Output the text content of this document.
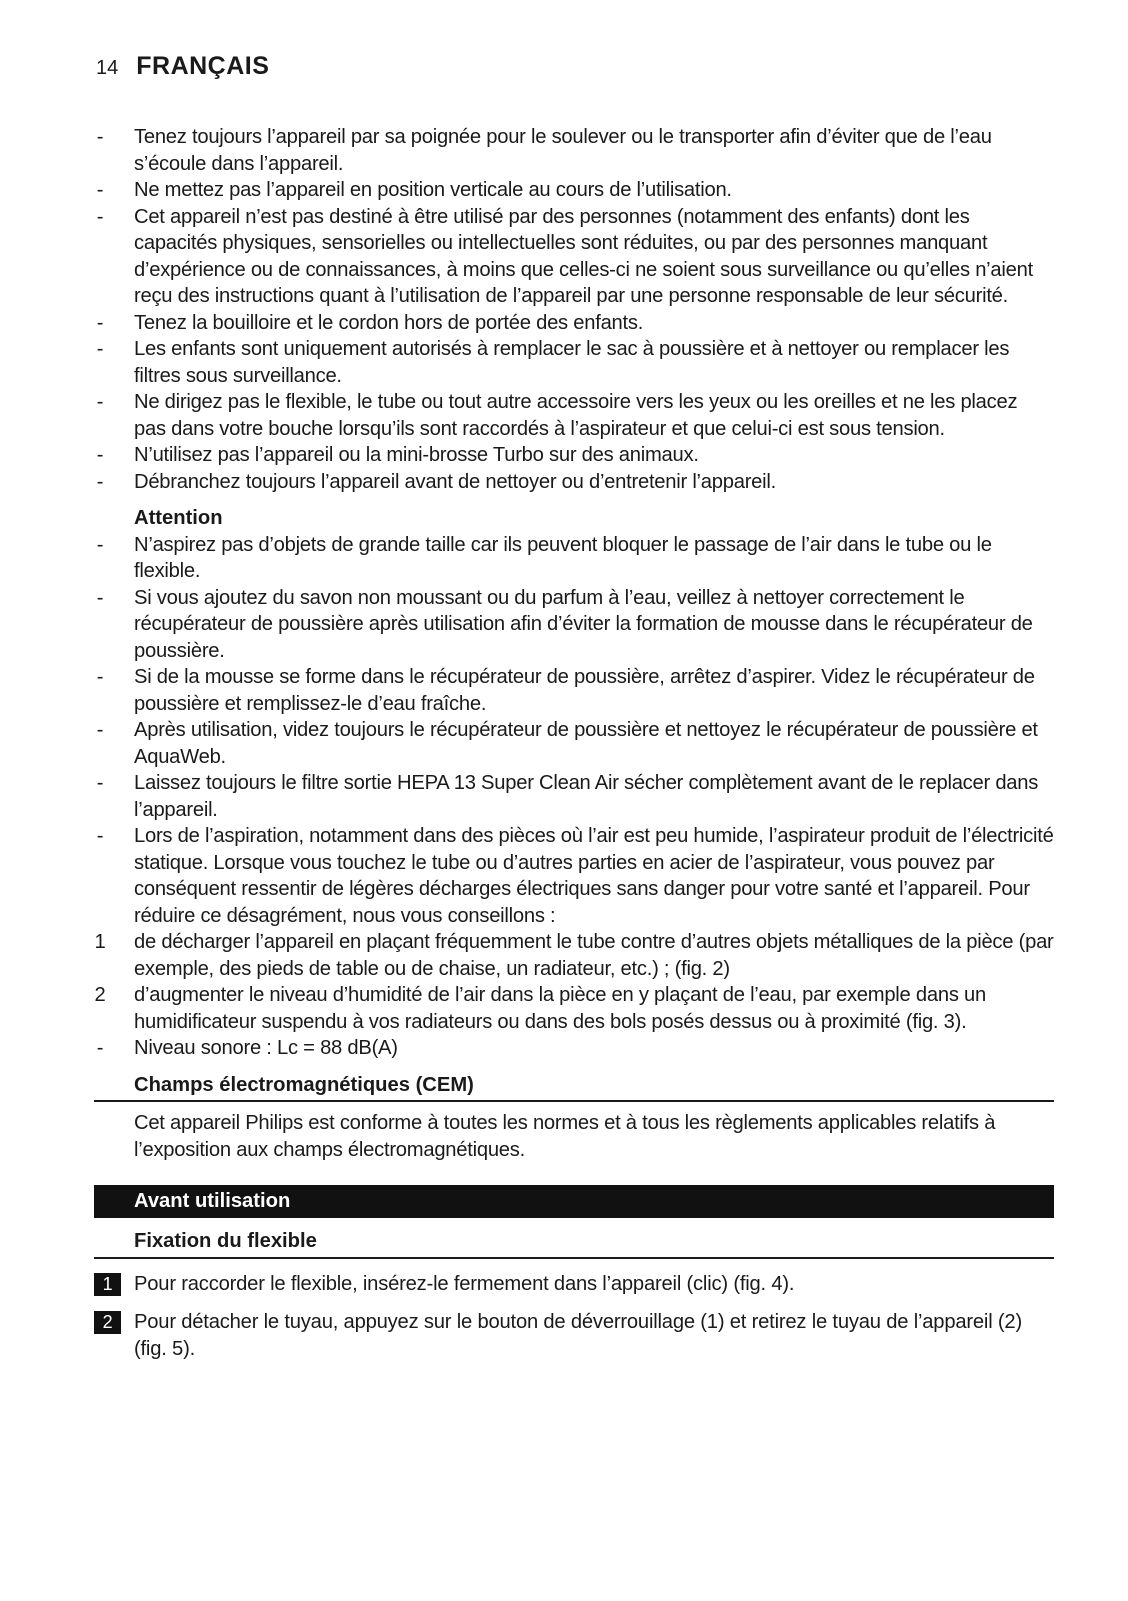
14 FRANÇAIS
- Tenez toujours l’appareil par sa poignée pour le soulever ou le transporter afin d’éviter que de l’eau s’écoule dans l’appareil.
- Ne mettez pas l’appareil en position verticale au cours de l’utilisation.
- Cet appareil n’est pas destiné à être utilisé par des personnes (notamment des enfants) dont les capacités physiques, sensorielles ou intellectuelles sont réduites, ou par des personnes manquant d’expérience ou de connaissances, à moins que celles-ci ne soient sous surveillance ou qu’elles n’aient reçu des instructions quant à l’utilisation de l’appareil par une personne responsable de leur sécurité.
- Tenez la bouilloire et le cordon hors de portée des enfants.
- Les enfants sont uniquement autorisés à remplacer le sac à poussière et à nettoyer ou remplacer les filtres sous surveillance.
- Ne dirigez pas le flexible, le tube ou tout autre accessoire vers les yeux ou les oreilles et ne les placez pas dans votre bouche lorsqu’ils sont raccordés à l’aspirateur et que celui-ci est sous tension.
- N’utilisez pas l’appareil ou la mini-brosse Turbo sur des animaux.
- Débranchez toujours l’appareil avant de nettoyer ou d’entretenir l’appareil.
Attention
- N’aspirez pas d’objets de grande taille car ils peuvent bloquer le passage de l’air dans le tube ou le flexible.
- Si vous ajoutez du savon non moussant ou du parfum à l’eau, veillez à nettoyer correctement le récupérateur de poussière après utilisation afin d’éviter la formation de mousse dans le récupérateur de poussière.
- Si de la mousse se forme dans le récupérateur de poussière, arrêtez d’aspirer. Videz le récupérateur de poussière et remplissez-le d’eau fraîche.
- Après utilisation, videz toujours le récupérateur de poussière et nettoyez le récupérateur de poussière et AquaWeb.
- Laissez toujours le filtre sortie HEPA 13 Super Clean Air sécher complètement avant de le replacer dans l’appareil.
- Lors de l’aspiration, notamment dans des pièces où l’air est peu humide, l’aspirateur produit de l’électricité statique. Lorsque vous touchez le tube ou d’autres parties en acier de l’aspirateur, vous pouvez par conséquent ressentir de légères décharges électriques sans danger pour votre santé et l’appareil. Pour réduire ce désagrément, nous vous conseillons :
1 de décharger l’appareil en plaçant fréquemment le tube contre d’autres objets métalliques de la pièce (par exemple, des pieds de table ou de chaise, un radiateur, etc.) ; (fig. 2)
2 d’augmenter le niveau d’humidité de l’air dans la pièce en y plaçant de l’eau, par exemple dans un humidificateur suspendu à vos radiateurs ou dans des bols posés dessus ou à proximité (fig. 3).
- Niveau sonore : Lc = 88 dB(A)
Champs électromagnétiques (CEM)
Cet appareil Philips est conforme à toutes les normes et à tous les règlements applicables relatifs à l’exposition aux champs électromagnétiques.
Avant utilisation
Fixation du flexible
1	Pour raccorder le flexible, insérez-le fermement dans l’appareil (clic) (fig. 4).
2	Pour détacher le tuyau, appuyez sur le bouton de déverrouillage (1) et retirez le tuyau de l’appareil (2) (fig. 5).
